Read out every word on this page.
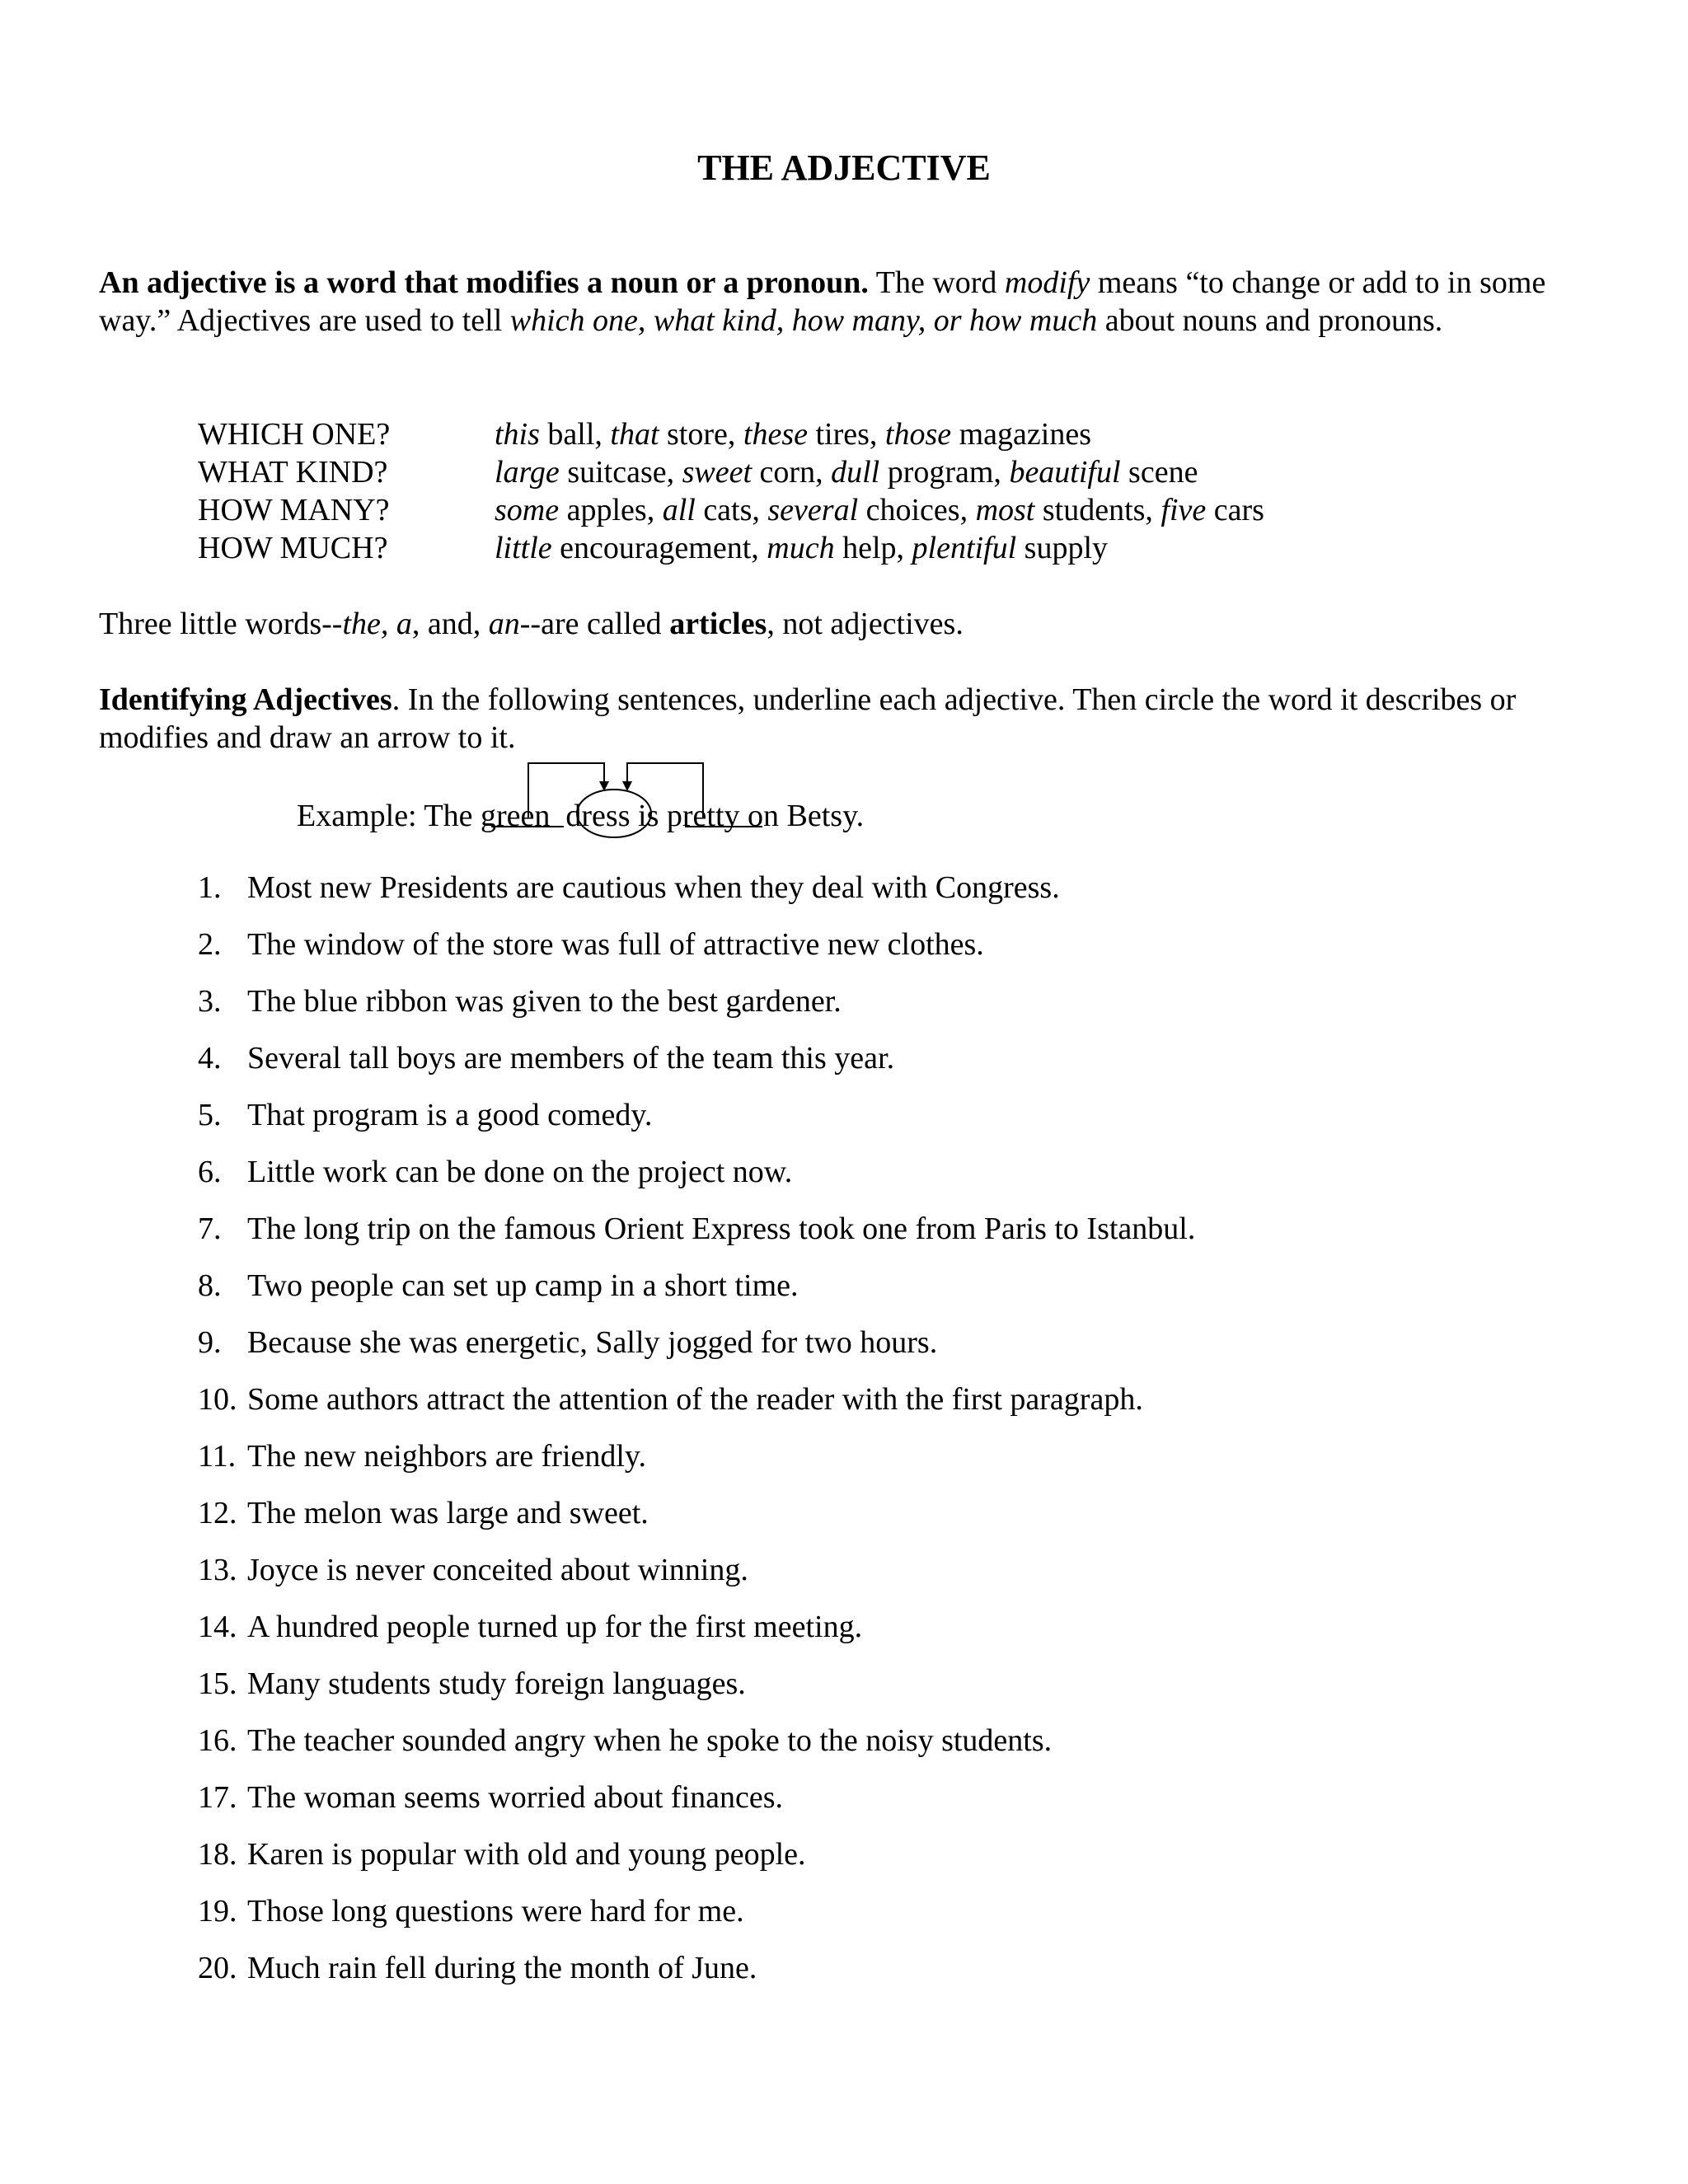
THE ADJECTIVE

An adjective is a word that modifies a noun or a pronoun. The word modify means “to change or add to in some way.” Adjectives are used to tell which one, what kind, how many, or how much about nouns and pronouns.

WHICH ONE?	this ball, that store, these tires, those magazines
WHAT KIND?	large suitcase, sweet corn, dull program, beautiful scene
HOW MANY?	some apples, all cats, several choices, most students, five cars
HOW MUCH?	little encouragement, much help, plentiful supply
Three little words--the, a, and, an--are called articles, not adjectives.

Identifying Adjectives. In the following sentences, underline each adjective. Then circle the word it describes or modifies and draw an arrow to it.

Example: The green dress is pretty on Betsy.
1. Most new Presidents are cautious when they deal with Congress.
2. The window of the store was full of attractive new clothes.
3. The blue ribbon was given to the best gardener.
4. Several tall boys are members of the team this year.
5. That program is a good comedy.
6. Little work can be done on the project now.
7. The long trip on the famous Orient Express took one from Paris to Istanbul.
8. Two people can set up camp in a short time.
9. Because she was energetic, Sally jogged for two hours.
10. Some authors attract the attention of the reader with the first paragraph.
11. The new neighbors are friendly.
12. The melon was large and sweet.
13. Joyce is never conceited about winning.
14. A hundred people turned up for the first meeting.
15. Many students study foreign languages.
16. The teacher sounded angry when he spoke to the noisy students.
17. The woman seems worried about finances.
18. Karen is popular with old and young people.
19. Those long questions were hard for me.
20. Much rain fell during the month of June.
